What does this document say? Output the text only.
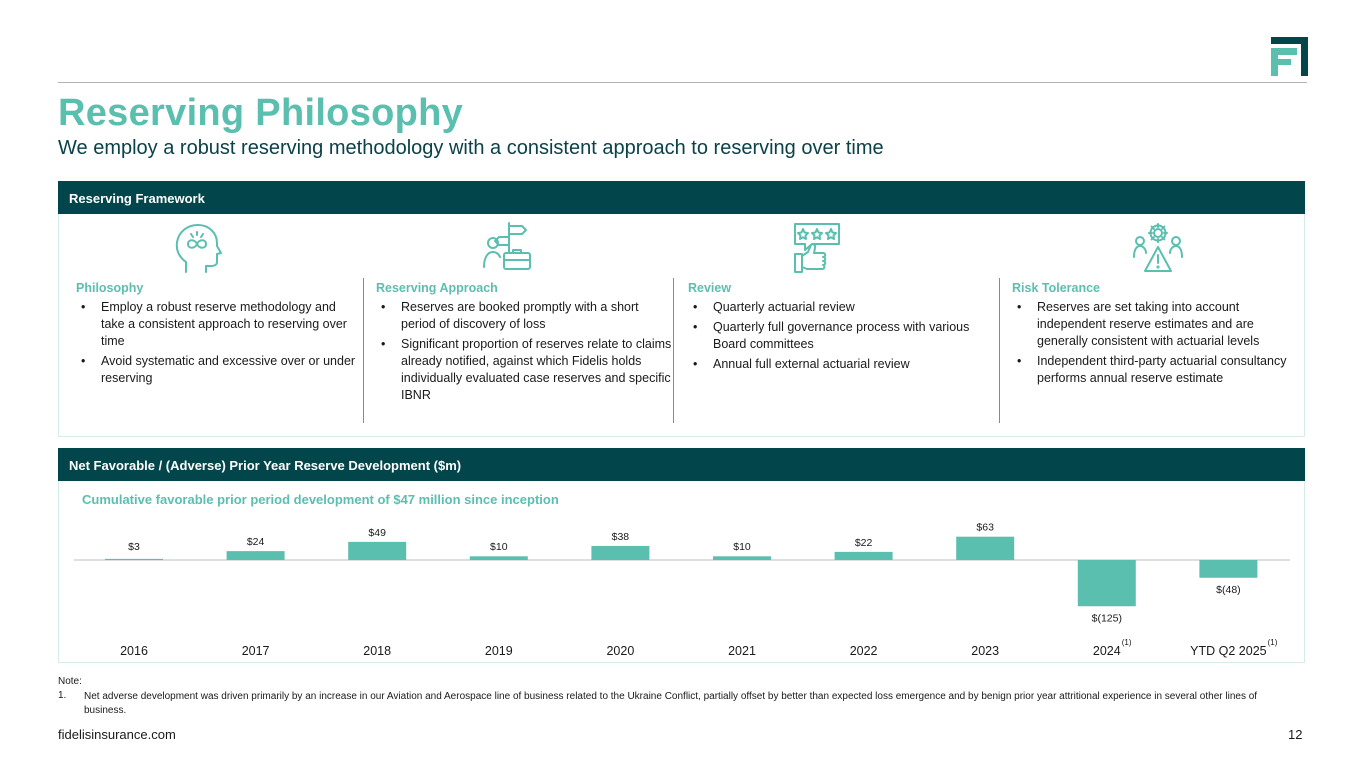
Reserving Philosophy
We employ a robust reserving methodology with a consistent approach to reserving over time
Reserving Framework
Philosophy
• Employ a robust reserve methodology and take a consistent approach to reserving over time
• Avoid systematic and excessive over or under reserving
Reserving Approach
• Reserves are booked promptly with a short period of discovery of loss
• Significant proportion of reserves relate to claims already notified, against which Fidelis holds individually evaluated case reserves and specific IBNR
Review
• Quarterly actuarial review
• Quarterly full governance process with various Board committees
• Annual full external actuarial review
Risk Tolerance
• Reserves are set taking into account independent reserve estimates and are generally consistent with actuarial levels
• Independent third-party actuarial consultancy performs annual reserve estimate
Net Favorable / (Adverse) Prior Year Reserve Development ($m)
Cumulative favorable prior period development of $47 million since inception
$3
2016
$24
2017
$49
2018
$10
2019
$38
2020
$10
2021
$22
2022
$63
2023
$(125)
2024
(1)
$(48)
YTD Q2 2025
(1)
Note:
1. Net adverse development was driven primarily by an increase in our Aviation and Aerospace line of business related to the Ukraine Conflict, partially offset by better than expected loss emergence and by benign prior year attritional experience in several other lines of business.
fidelisinsurance.com	12
